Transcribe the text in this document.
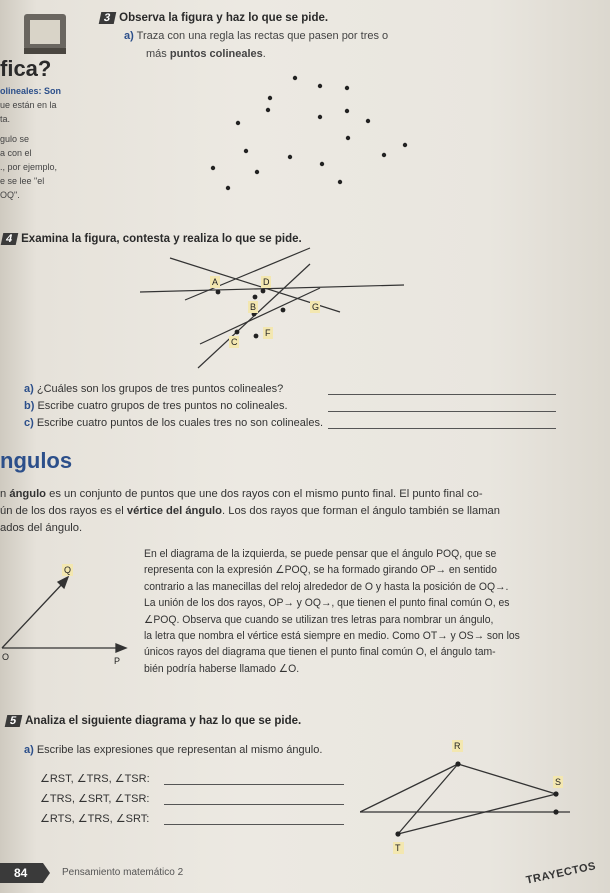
fica?
olineales: Son
ue están en la
ta.
gulo se
a con el
., por ejemplo,
e se lee "el
OQ".
3 Observa la figura y haz lo que se pide.
a) Traza con una regla las rectas que pasen por tres o
más puntos colineales.
4 Examina la figura, contesta y realiza lo que se pide.
A	D
B	G
C
F
a) ¿Cuáles son los grupos de tres puntos colineales?
b) Escribe cuatro grupos de tres puntos no colineales.
c) Escribe cuatro puntos de los cuales tres no son colineales.
ngulos
n ángulo es un conjunto de puntos que une dos rayos con el mismo punto final. El punto final co-
ún de los dos rayos es el vértice del ángulo. Los dos rayos que forman el ángulo también se llaman
ados del ángulo.
Q
P
O
En el diagrama de la izquierda, se puede pensar que el ángulo POQ, que se
representa con la expresión ∠POQ, se ha formado girando OP→ en sentido
contrario a las manecillas del reloj alrededor de O y hasta la posición de OQ→.
La unión de los dos rayos, OP→ y OQ→, que tienen el punto final común O, es
∠POQ. Observa que cuando se utilizan tres letras para nombrar un ángulo,
la letra que nombra el vértice está siempre en medio. Como OT→ y OS→ son los
únicos rayos del diagrama que tienen el punto final común O, el ángulo tam-
bién podría haberse llamado ∠O.
5 Analiza el siguiente diagrama y haz lo que se pide.
a) Escribe las expresiones que representan al mismo ángulo.
∠RST, ∠TRS, ∠TSR:
∠TRS, ∠SRT, ∠TSR:
∠RTS, ∠TRS, ∠SRT:
R
S
T
84	Pensamiento matemático 2	TRAYECTOS
